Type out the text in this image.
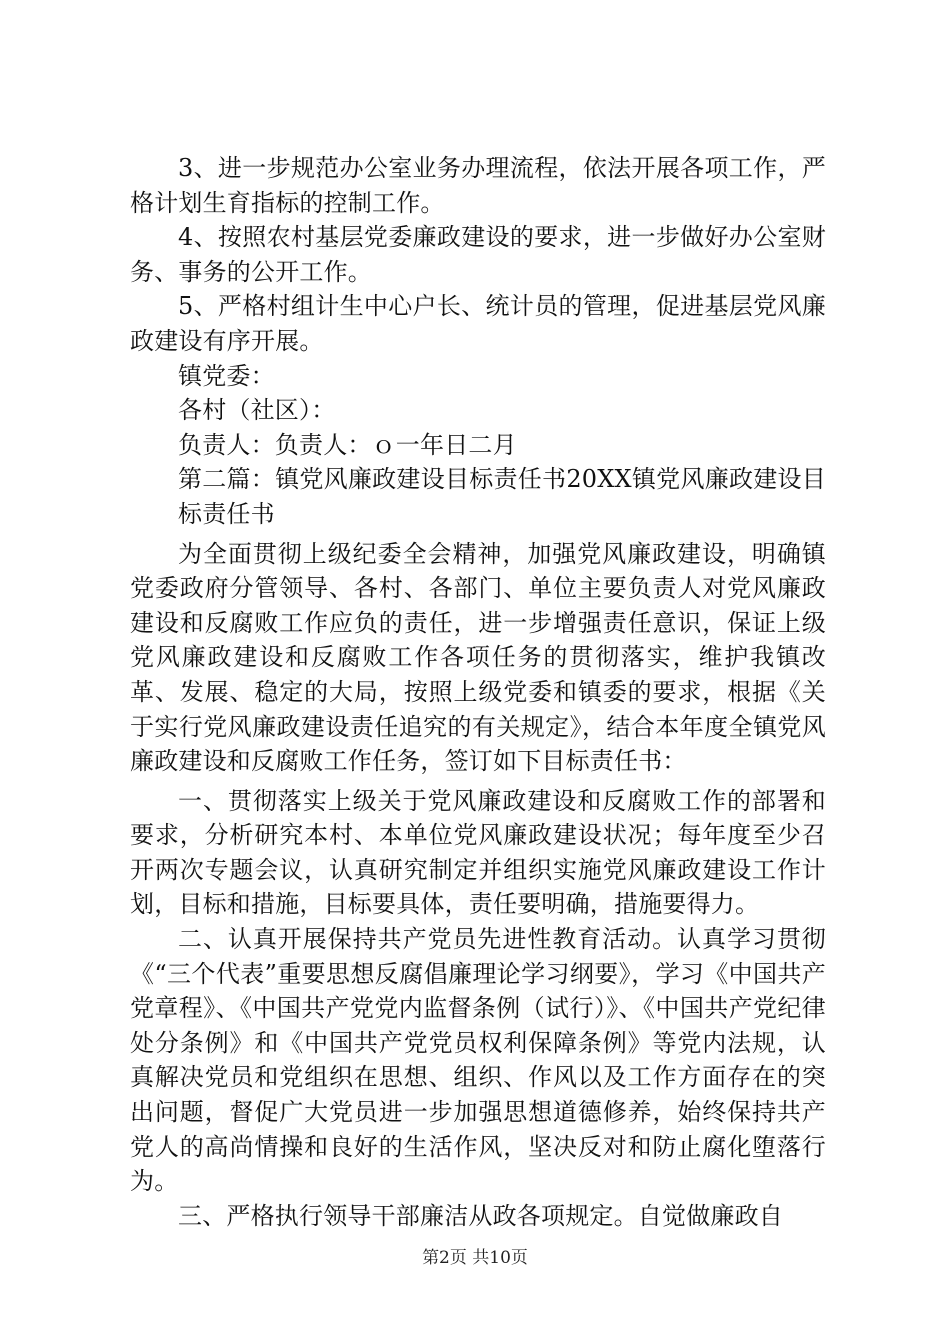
3、进一步规范办公室业务办理流程，依法开展各项工作，严格计划生育指标的控制工作。

4、按照农村基层党委廉政建设的要求，进一步做好办公室财务、事务的公开工作。

5、严格村组计生中心户长、统计员的管理，促进基层党风廉政建设有序开展。

镇党委：

各村（社区）：

负责人：负责人：ｏ一年日二月

第二篇：镇党风廉政建设目标责任书20XX镇党风廉政建设目标责任书

为全面贯彻上级纪委全会精神，加强党风廉政建设，明确镇党委政府分管领导、各村、各部门、单位主要负责人对党风廉政建设和反腐败工作应负的责任，进一步增强责任意识，保证上级党风廉政建设和反腐败工作各项任务的贯彻落实，维护我镇改革、发展、稳定的大局，按照上级党委和镇委的要求，根据《关于实行党风廉政建设责任追究的有关规定》，结合本年度全镇党风廉政建设和反腐败工作任务，签订如下目标责任书：

一、贯彻落实上级关于党风廉政建设和反腐败工作的部署和要求，分析研究本村、本单位党风廉政建设状况；每年度至少召开两次专题会议，认真研究制定并组织实施党风廉政建设工作计划，目标和措施，目标要具体，责任要明确，措施要得力。

二、认真开展保持共产党员先进性教育活动。认真学习贯彻《“三个代表”重要思想反腐倡廉理论学习纲要》，学习《中国共产党章程》、《中国共产党党内监督条例（试行）》、《中国共产党纪律处分条例》和《中国共产党党员权利保障条例》等党内法规，认真解决党员和党组织在思想、组织、作风以及工作方面存在的突出问题，督促广大党员进一步加强思想道德修养，始终保持共产党人的高尚情操和良好的生活作风，坚决反对和防止腐化堕落行为。

三、严格执行领导干部廉洁从政各项规定。自觉做廉政自

第2页 共10页
